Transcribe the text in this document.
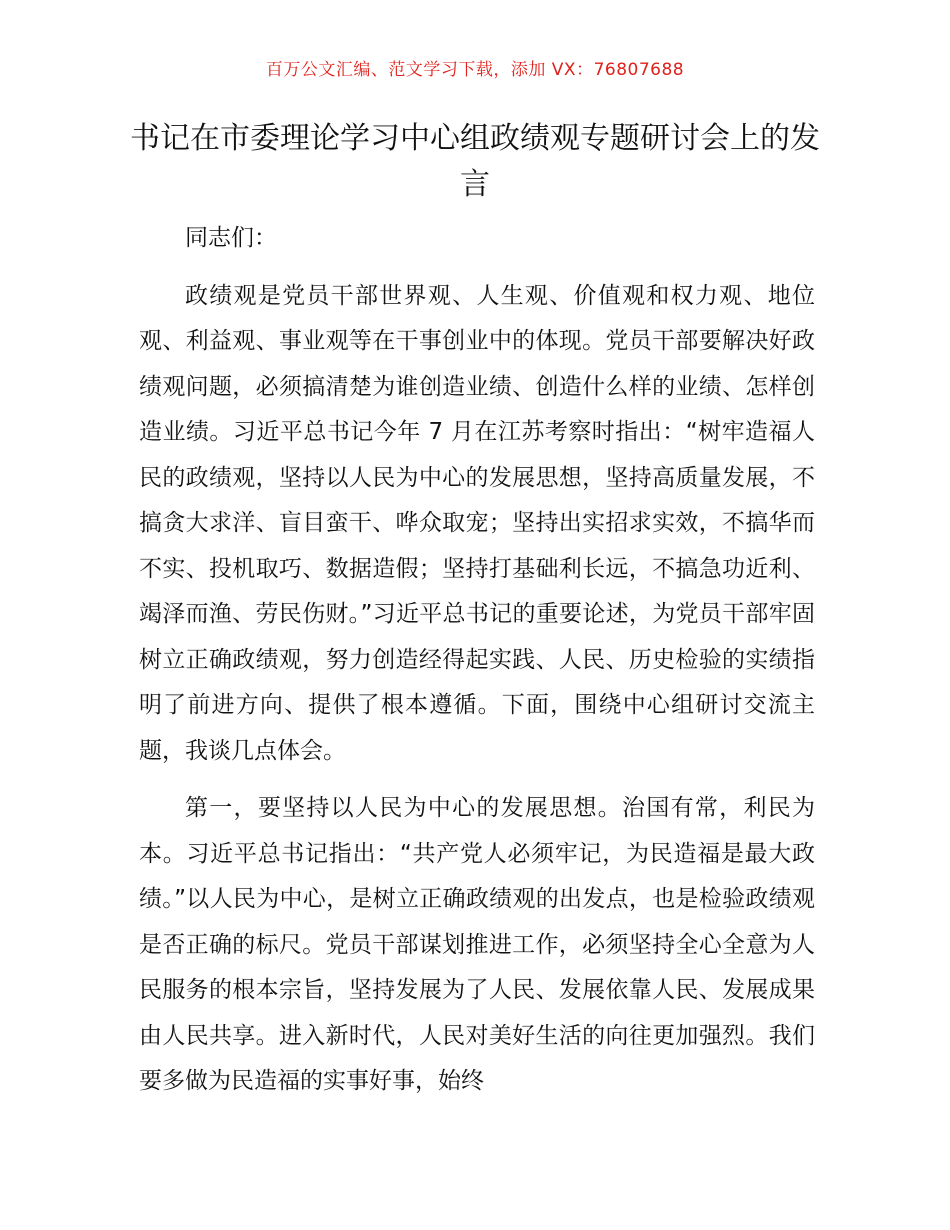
百万公文汇编、范文学习下载，添加 VX：76807688
书记在市委理论学习中心组政绩观专题研讨会上的发言

同志们：

政绩观是党员干部世界观、人生观、价值观和权力观、地位观、利益观、事业观等在干事创业中的体现。党员干部要解决好政绩观问题，必须搞清楚为谁创造业绩、创造什么样的业绩、怎样创造业绩。习近平总书记今年 7 月在江苏考察时指出：“树牢造福人民的政绩观，坚持以人民为中心的发展思想，坚持高质量发展，不搞贪大求洋、盲目蛮干、哗众取宠；坚持出实招求实效，不搞华而不实、投机取巧、数据造假；坚持打基础利长远，不搞急功近利、竭泽而渔、劳民伤财。”习近平总书记的重要论述，为党员干部牢固树立正确政绩观，努力创造经得起实践、人民、历史检验的实绩指明了前进方向、提供了根本遵循。下面，围绕中心组研讨交流主题，我谈几点体会。

第一，要坚持以人民为中心的发展思想。治国有常，利民为本。习近平总书记指出：“共产党人必须牢记，为民造福是最大政绩。”以人民为中心，是树立正确政绩观的出发点，也是检验政绩观是否正确的标尺。党员干部谋划推进工作，必须坚持全心全意为人民服务的根本宗旨，坚持发展为了人民、发展依靠人民、发展成果由人民共享。进入新时代，人民对美好生活的向往更加强烈。我们要多做为民造福的实事好事，始终
